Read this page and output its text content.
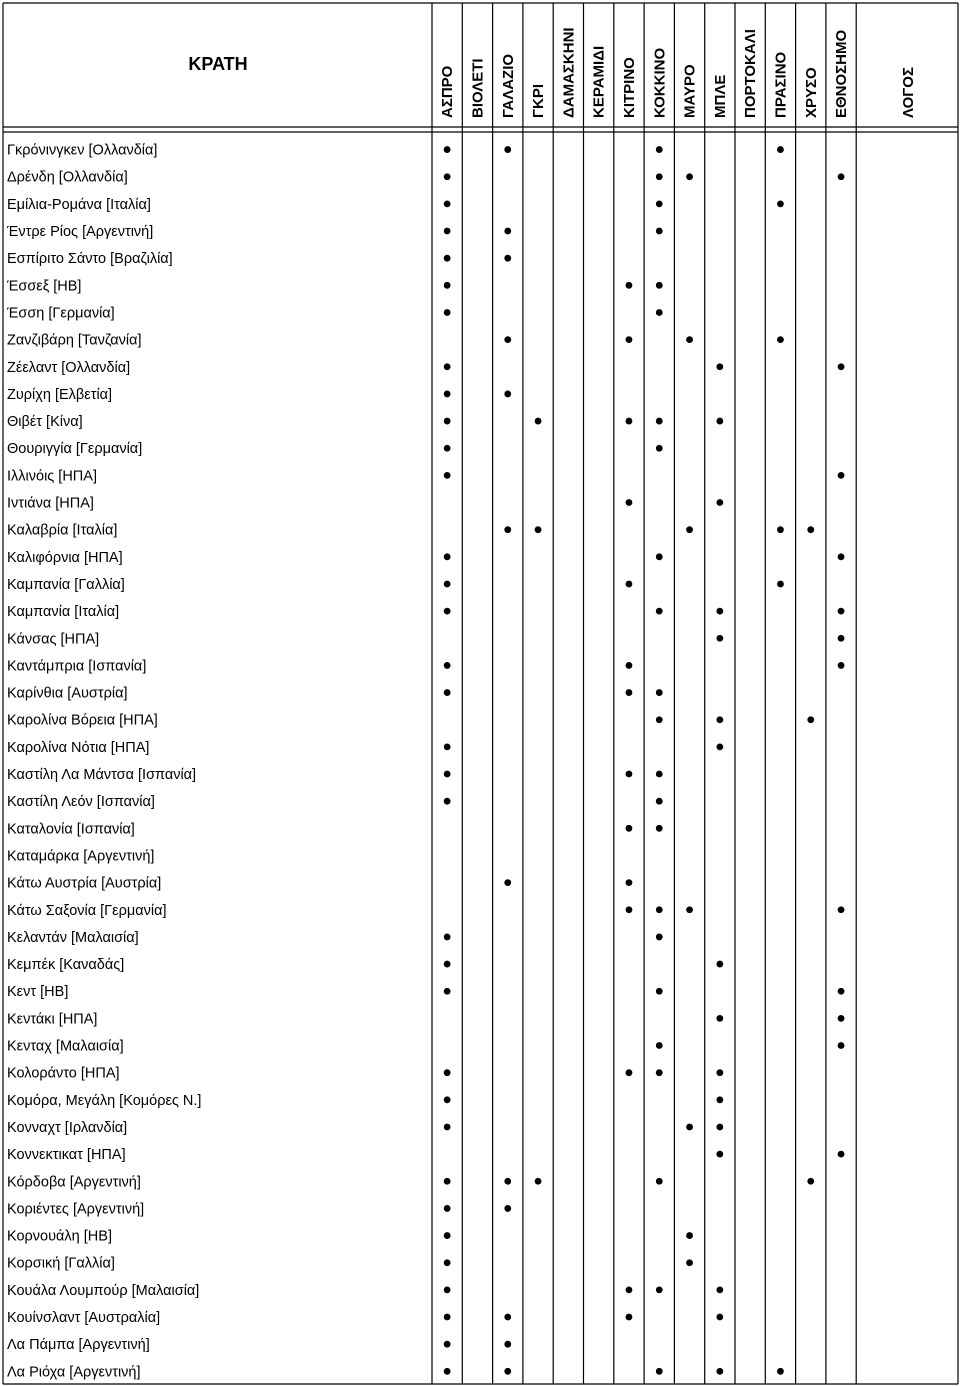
ΚΡΑΤΗ
ΑΣΠΡΟ ΒΙΟΛΕΤΙ ΓΑΛΑΖΙΟ ΓΚΡΙ ΔΑΜΑΣΚΗΝΙ ΚΕΡΑΜΙΔΙ ΚΙΤΡΙΝΟ ΚΟΚΚΙΝΟ ΜΑΥΡΟ ΜΠΛΕ ΠΟΡΤΟΚΑΛΙ ΠΡΑΣΙΝΟ ΧΡΥΣΟ ΕΘΝΟΣΗΜΟ	ΛΟΓΟΣ
Γκρόνινγκεν [Ολλανδία]
Δρένδη [Ολλανδία]
Εμίλια-Ρομάνα [Ιταλία]
Έντρε Ρίος [Αργεντινή]
Εσπίριτο Σάντο [Βραζιλία]
Έσσεξ [ΗΒ]
Έσση [Γερμανία]
Ζανζιβάρη [Τανζανία]
Ζέελαντ [Ολλανδία]
Ζυρίχη [Ελβετία]
Θιβέτ [Κίνα]
Θουριγγία [Γερμανία]
Ιλλινόις [ΗΠΑ]
Ιντιάνα [ΗΠΑ]
Καλαβρία [Ιταλία]
Καλιφόρνια [ΗΠΑ]
Καμπανία [Γαλλία]
Καμπανία [Ιταλία]
Κάνσας [ΗΠΑ]
Καντάμπρια [Ισπανία]
Καρίνθια [Αυστρία]
Καρολίνα Βόρεια [ΗΠΑ]
Καρολίνα Νότια [ΗΠΑ]
Καστίλη Λα Μάντσα [Ισπανία]
Καστίλη Λεόν [Ισπανία]
Καταλονία [Ισπανία]
Καταμάρκα [Αργεντινή]
Κάτω Αυστρία [Αυστρία]
Κάτω Σαξονία [Γερμανία]
Κελαντάν [Μαλαισία]
Κεμπέκ [Καναδάς]
Κεντ [ΗΒ]
Κεντάκι [ΗΠΑ]
Κενταχ [Μαλαισία]
Κολοράντο [ΗΠΑ]
Κομόρα, Μεγάλη [Κομόρες Ν.]
Κονναχτ [Ιρλανδία]
Κοννεκτικατ [ΗΠΑ]
Κόρδοβα [Αργεντινή]
Κοριέντες [Αργεντινή]
Κορνουάλη [ΗΒ]
Κορσική [Γαλλία]
Κουάλα Λουμπούρ [Μαλαισία]
Κουίνσλαντ [Αυστραλία]
Λα Πάμπα [Αργεντινή]
Λα Ριόχα [Αργεντινή]
